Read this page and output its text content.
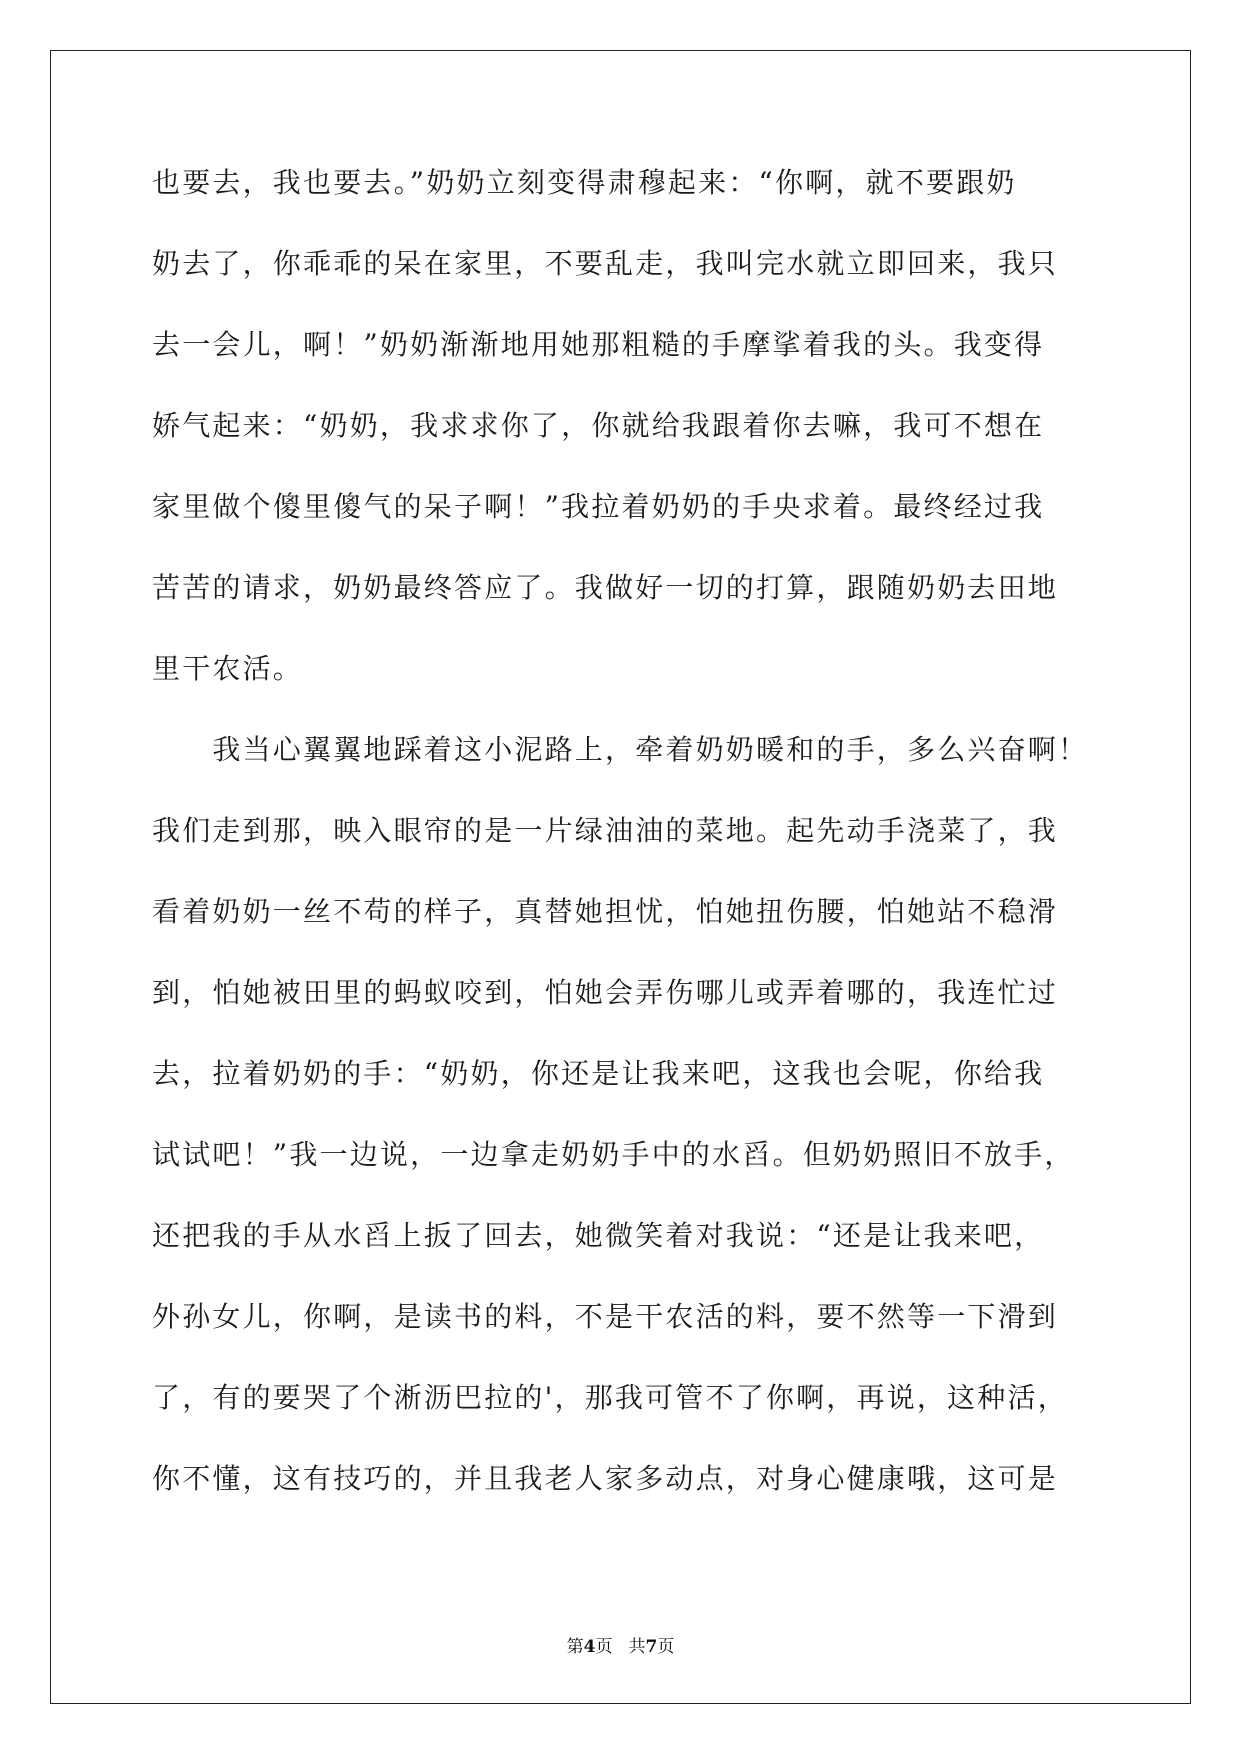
也要去，我也要去。”奶奶立刻变得肃穆起来：“你啊，就不要跟奶
奶去了，你乖乖的呆在家里，不要乱走，我叫完水就立即回来，我只
去一会儿，啊！”奶奶渐渐地用她那粗糙的手摩挲着我的头。我变得
娇气起来：“奶奶，我求求你了，你就给我跟着你去嘛，我可不想在
家里做个傻里傻气的呆子啊！”我拉着奶奶的手央求着。最终经过我
苦苦的请求，奶奶最终答应了。我做好一切的打算，跟随奶奶去田地
里干农活。
　　我当心翼翼地踩着这小泥路上，牵着奶奶暖和的手，多么兴奋啊！
我们走到那，映入眼帘的是一片绿油油的菜地。起先动手浇菜了，我
看着奶奶一丝不苟的样子，真替她担忧，怕她扭伤腰，怕她站不稳滑
到，怕她被田里的蚂蚁咬到，怕她会弄伤哪儿或弄着哪的，我连忙过
去，拉着奶奶的手：“奶奶，你还是让我来吧，这我也会呢，你给我
试试吧！”我一边说，一边拿走奶奶手中的水舀。但奶奶照旧不放手，
还把我的手从水舀上扳了回去，她微笑着对我说：“还是让我来吧，
外孙女儿，你啊，是读书的料，不是干农活的料，要不然等一下滑到
了，有的要哭了个淅沥巴拉的'，那我可管不了你啊，再说，这种活，
你不懂，这有技巧的，并且我老人家多动点，对身心健康哦，这可是
第4页 共7页
